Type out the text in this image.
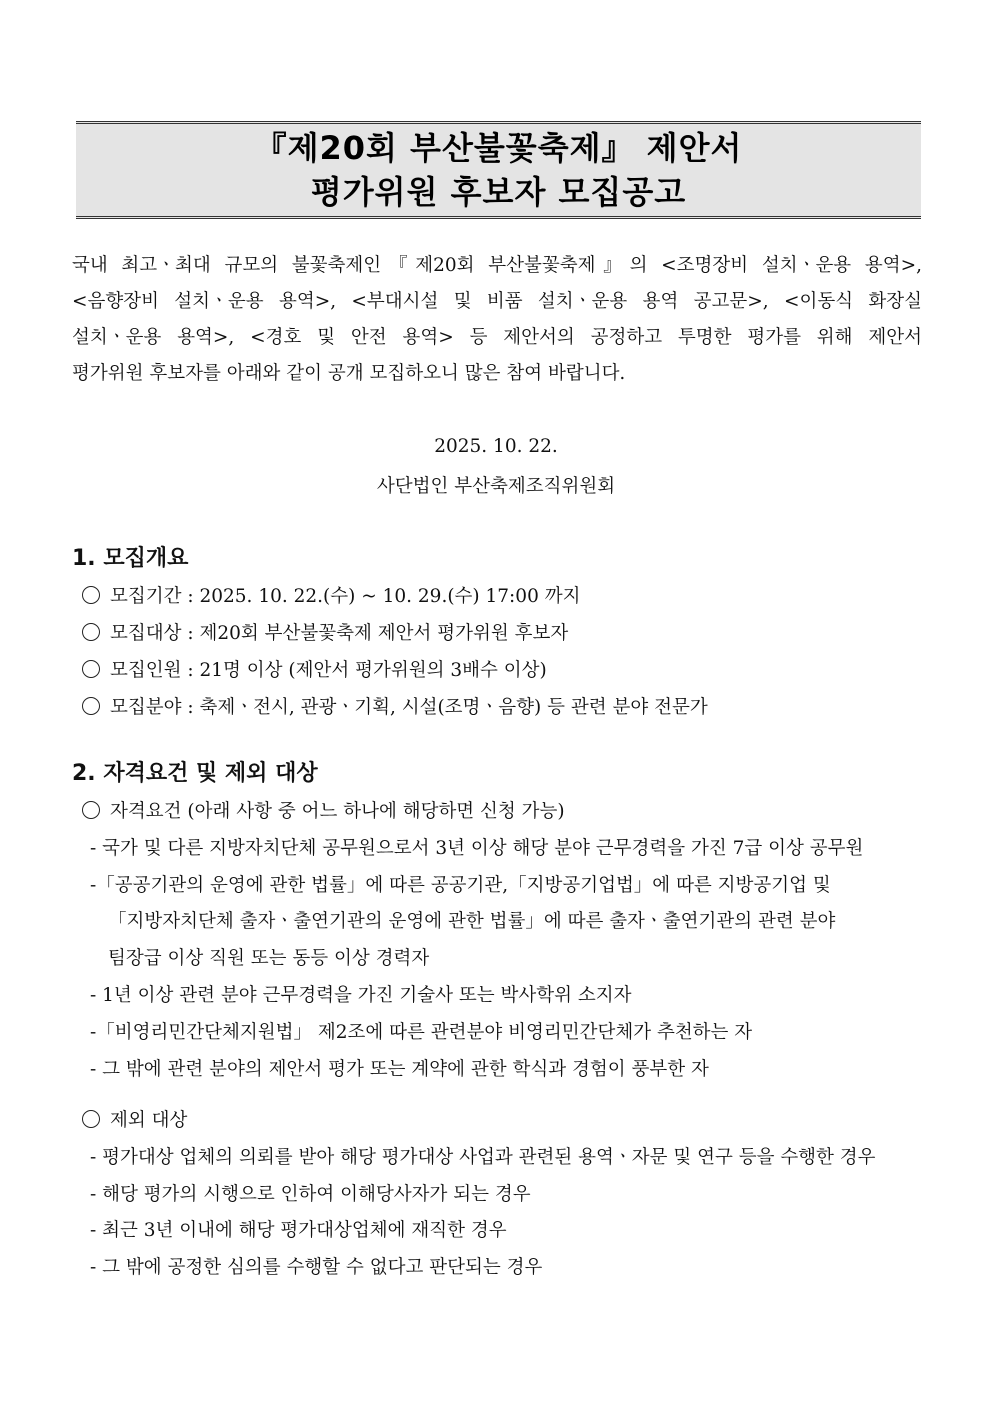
『제20회 부산불꽃축제』 제안서
평가위원 후보자 모집공고
국내 최고ㆍ최대 규모의 불꽃축제인『제20회 부산불꽃축제』의 <조명장비 설치ㆍ운용 용역>,
<음향장비 설치ㆍ운용 용역>, <부대시설 및 비품 설치ㆍ운용 용역 공고문>, <이동식 화장실
설치ㆍ운용 용역>, <경호 및 안전 용역> 등 제안서의 공정하고 투명한 평가를 위해 제안서
평가위원 후보자를 아래와 같이 공개 모집하오니 많은 참여 바랍니다.
2025. 10. 22.
사단법인 부산축제조직위원회
1. 모집개요
모집기간 : 2025. 10. 22.(수) ~ 10. 29.(수) 17:00 까지
모집대상 : 제20회 부산불꽃축제 제안서 평가위원 후보자
모집인원 : 21명 이상 (제안서 평가위원의 3배수 이상)
모집분야 : 축제ㆍ전시, 관광ㆍ기획, 시설(조명ㆍ음향) 등 관련 분야 전문가
2. 자격요건 및 제외 대상
자격요건 (아래 사항 중 어느 하나에 해당하면 신청 가능)
- 국가 및 다른 지방자치단체 공무원으로서 3년 이상 해당 분야 근무경력을 가진 7급 이상 공무원
-「공공기관의 운영에 관한 법률」에 따른 공공기관,「지방공기업법」에 따른 지방공기업 및
「지방자치단체 출자ㆍ출연기관의 운영에 관한 법률」에 따른 출자ㆍ출연기관의 관련 분야
팀장급 이상 직원 또는 동등 이상 경력자
- 1년 이상 관련 분야 근무경력을 가진 기술사 또는 박사학위 소지자
-「비영리민간단체지원법」 제2조에 따른 관련분야 비영리민간단체가 추천하는 자
- 그 밖에 관련 분야의 제안서 평가 또는 계약에 관한 학식과 경험이 풍부한 자
제외 대상
- 평가대상 업체의 의뢰를 받아 해당 평가대상 사업과 관련된 용역ㆍ자문 및 연구 등을 수행한 경우
- 해당 평가의 시행으로 인하여 이해당사자가 되는 경우
- 최근 3년 이내에 해당 평가대상업체에 재직한 경우
- 그 밖에 공정한 심의를 수행할 수 없다고 판단되는 경우
